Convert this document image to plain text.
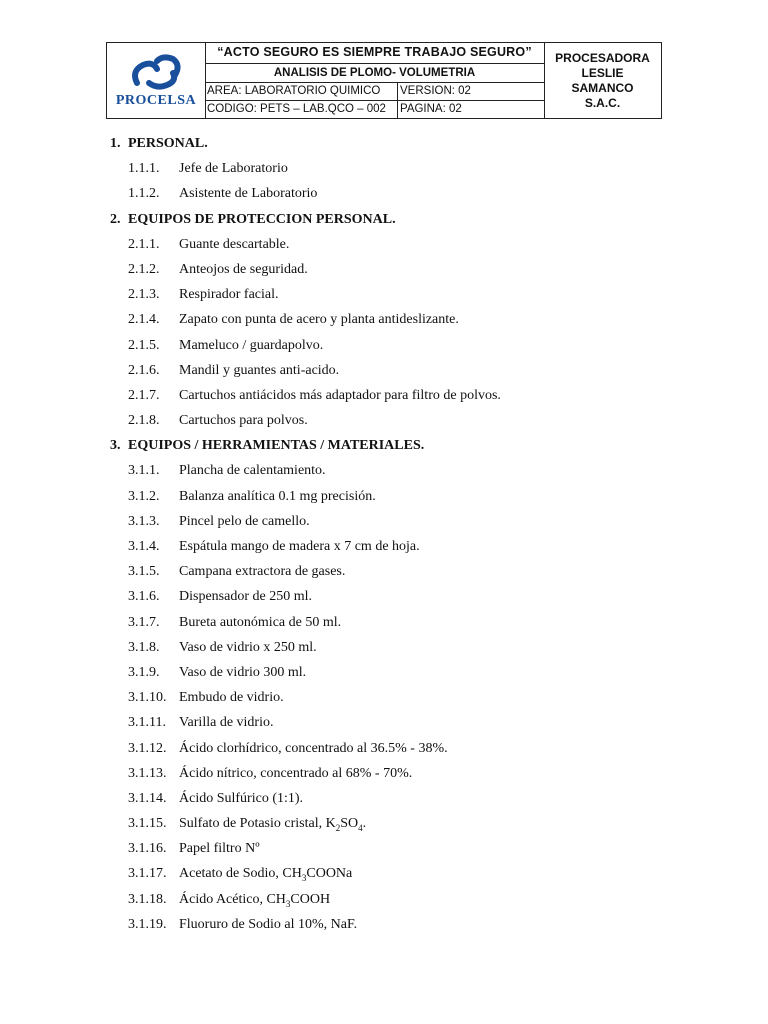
PROCELSA
“ACTO SEGURO ES SIEMPRE TRABAJO SEGURO”
ANALISIS DE PLOMO- VOLUMETRIA
AREA: LABORATORIO QUIMICO	VERSION: 02
CODIGO: PETS – LAB.QCO – 002	PAGINA: 02
PROCESADORA
LESLIE
SAMANCO
S.A.C.
1. PERSONAL.
1.1.1. Jefe de Laboratorio
1.1.2. Asistente de Laboratorio
2. EQUIPOS DE PROTECCION PERSONAL.
2.1.1. Guante descartable.
2.1.2. Anteojos de seguridad.
2.1.3. Respirador facial.
2.1.4. Zapato con punta de acero y planta antideslizante.
2.1.5. Mameluco / guardapolvo.
2.1.6. Mandil y guantes anti-acido.
2.1.7. Cartuchos antiácidos más adaptador para filtro de polvos.
2.1.8. Cartuchos para polvos.
3. EQUIPOS / HERRAMIENTAS / MATERIALES.
3.1.1. Plancha de calentamiento.
3.1.2. Balanza analítica 0.1 mg precisión.
3.1.3. Pincel pelo de camello.
3.1.4. Espátula mango de madera x 7 cm de hoja.
3.1.5. Campana extractora de gases.
3.1.6. Dispensador de 250 ml.
3.1.7. Bureta autonómica de 50 ml.
3.1.8. Vaso de vidrio x 250 ml.
3.1.9. Vaso de vidrio 300 ml.
3.1.10. Embudo de vidrio.
3.1.11. Varilla de vidrio.
3.1.12. Ácido clorhídrico, concentrado al 36.5% - 38%.
3.1.13. Ácido nítrico, concentrado al 68% - 70%.
3.1.14. Ácido Sulfúrico (1:1).
3.1.15. Sulfato de Potasio cristal, $K_2SO_4$.
3.1.16. Papel filtro Nº
3.1.17. Acetato de Sodio, $CH_3COONa$
3.1.18. Ácido Acético, $CH_3COOH$
3.1.19. Fluoruro de Sodio al 10%, NaF.
